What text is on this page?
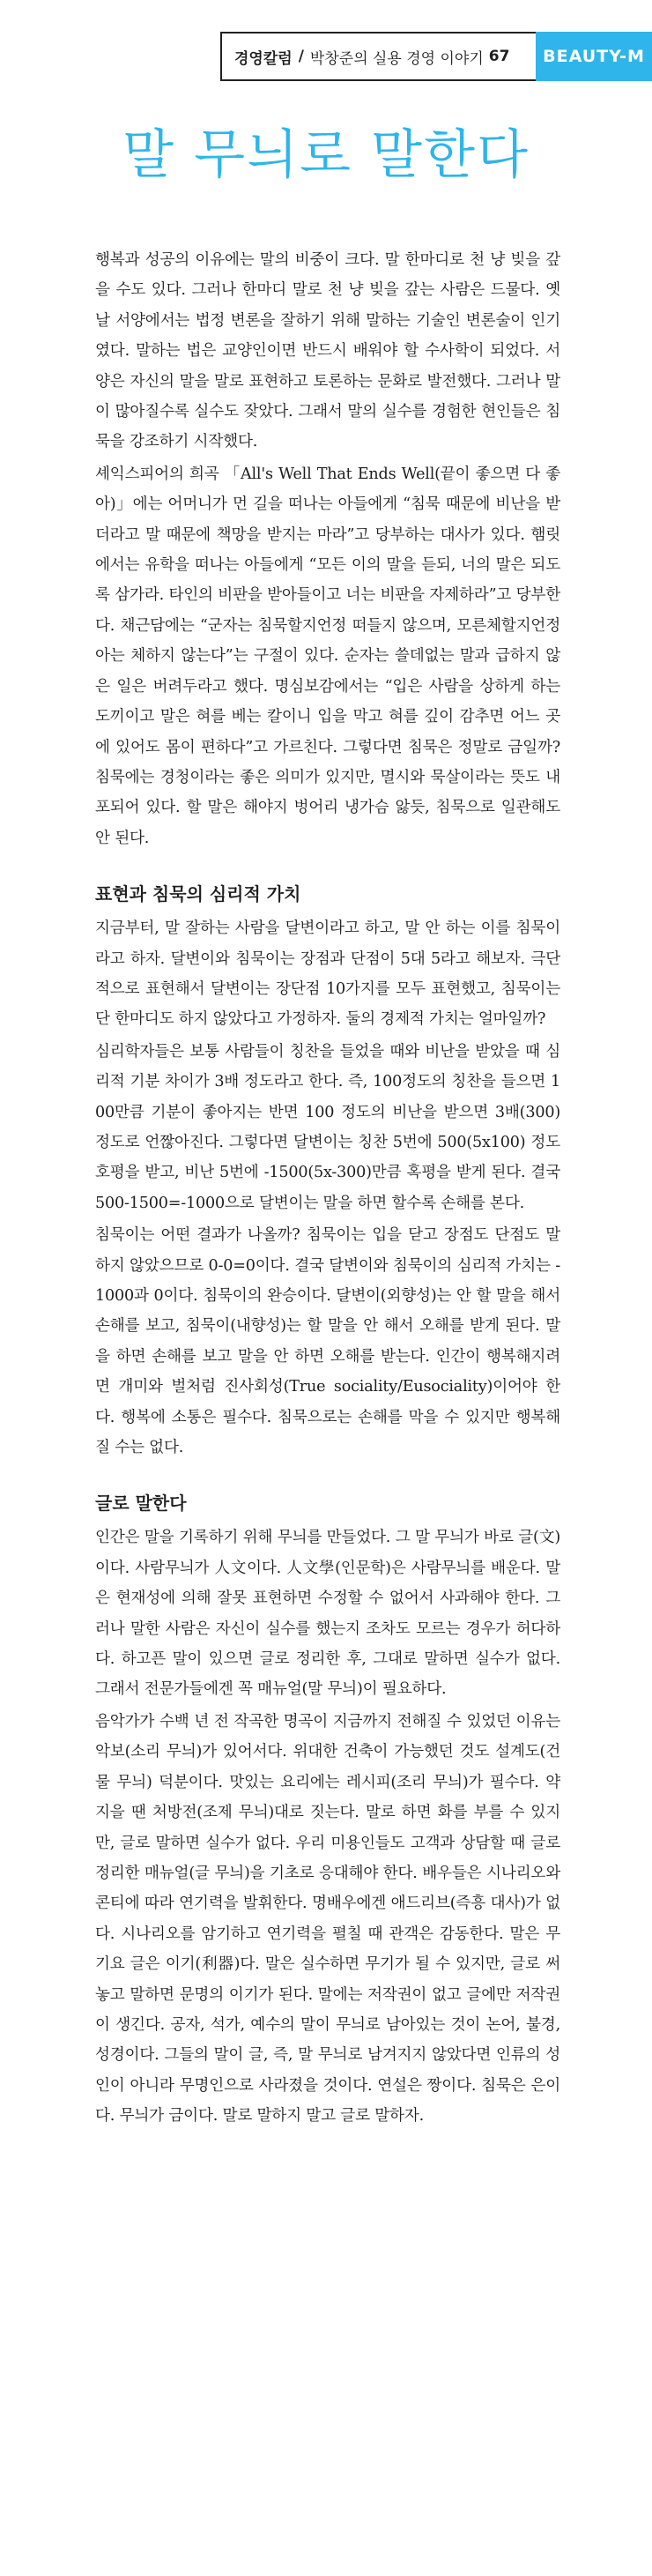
경영칼럼 / 박창준의 실용 경영 이야기 67	BEAUTY-M
말 무늬로 말한다

행복과 성공의 이유에는 말의 비중이 크다. 말 한마디로 천 냥 빚을 갚을 수도 있다. 그러나 한마디 말로 천 냥 빚을 갚는 사람은 드물다. 옛날 서양에서는 법정 변론을 잘하기 위해 말하는 기술인 변론술이 인기였다. 말하는 법은 교양인이면 반드시 배워야 할 수사학이 되었다. 서양은 자신의 말을 말로 표현하고 토론하는 문화로 발전했다. 그러나 말이 많아질수록 실수도 잦았다. 그래서 말의 실수를 경험한 현인들은 침묵을 강조하기 시작했다.

셰익스피어의 희곡 「All's Well That Ends Well(끝이 좋으면 다 좋아)」에는 어머니가 먼 길을 떠나는 아들에게 “침묵 때문에 비난을 받더라고 말 때문에 책망을 받지는 마라”고 당부하는 대사가 있다. 햄릿에서는 유학을 떠나는 아들에게 “모든 이의 말을 듣되, 너의 말은 되도록 삼가라. 타인의 비판을 받아들이고 너는 비판을 자제하라”고 당부한다. 채근담에는 “군자는 침묵할지언정 떠들지 않으며, 모른체할지언정 아는 체하지 않는다”는 구절이 있다. 순자는 쓸데없는 말과 급하지 않은 일은 버려두라고 했다. 명심보감에서는 “입은 사람을 상하게 하는 도끼이고 말은 혀를 베는 칼이니 입을 막고 혀를 깊이 감추면 어느 곳에 있어도 몸이 편하다”고 가르친다. 그렇다면 침묵은 정말로 금일까? 침묵에는 경청이라는 좋은 의미가 있지만, 멸시와 묵살이라는 뜻도 내포되어 있다. 할 말은 해야지 벙어리 냉가슴 앓듯, 침묵으로 일관해도 안 된다.

표현과 침묵의 심리적 가치

지금부터, 말 잘하는 사람을 달변이라고 하고, 말 안 하는 이를 침묵이라고 하자. 달변이와 침묵이는 장점과 단점이 5대 5라고 해보자. 극단적으로 표현해서 달변이는 장단점 10가지를 모두 표현했고, 침묵이는 단 한마디도 하지 않았다고 가정하자. 둘의 경제적 가치는 얼마일까?

심리학자들은 보통 사람들이 칭찬을 들었을 때와 비난을 받았을 때 심리적 기분 차이가 3배 정도라고 한다. 즉, 100정도의 칭찬을 들으면 100만큼 기분이 좋아지는 반면 100 정도의 비난을 받으면 3배(300) 정도로 언짢아진다. 그렇다면 달변이는 칭찬 5번에 500(5x100) 정도 호평을 받고, 비난 5번에 -1500(5x-300)만큼 혹평을 받게 된다. 결국 500-1500=-1000으로 달변이는 말을 하면 할수록 손해를 본다.

침묵이는 어떤 결과가 나올까? 침묵이는 입을 닫고 장점도 단점도 말하지 않았으므로 0-0=0이다. 결국 달변이와 침묵이의 심리적 가치는 -1000과 0이다. 침묵이의 완승이다. 달변이(외향성)는 안 할 말을 해서 손해를 보고, 침묵이(내향성)는 할 말을 안 해서 오해를 받게 된다. 말을 하면 손해를 보고 말을 안 하면 오해를 받는다. 인간이 행복해지려면 개미와 벌처럼 진사회성(True sociality/Eusociality)이어야 한다. 행복에 소통은 필수다. 침묵으로는 손해를 막을 수 있지만 행복해질 수는 없다.

글로 말한다

인간은 말을 기록하기 위해 무늬를 만들었다. 그 말 무늬가 바로 글(文)이다. 사람무늬가 人文이다. 人文學(인문학)은 사람무늬를 배운다. 말은 현재성에 의해 잘못 표현하면 수정할 수 없어서 사과해야 한다. 그러나 말한 사람은 자신이 실수를 했는지 조차도 모르는 경우가 허다하다. 하고픈 말이 있으면 글로 정리한 후, 그대로 말하면 실수가 없다. 그래서 전문가들에겐 꼭 매뉴얼(말 무늬)이 필요하다.

음악가가 수백 년 전 작곡한 명곡이 지금까지 전해질 수 있었던 이유는 악보(소리 무늬)가 있어서다. 위대한 건축이 가능했던 것도 설계도(건물 무늬) 덕분이다. 맛있는 요리에는 레시피(조리 무늬)가 필수다. 약 지을 땐 처방전(조제 무늬)대로 짓는다. 말로 하면 화를 부를 수 있지만, 글로 말하면 실수가 없다. 우리 미용인들도 고객과 상담할 때 글로 정리한 매뉴얼(글 무늬)을 기초로 응대해야 한다. 배우들은 시나리오와 콘티에 따라 연기력을 발휘한다. 명배우에겐 애드리브(즉흥 대사)가 없다. 시나리오를 암기하고 연기력을 펼칠 때 관객은 감동한다. 말은 무기요 글은 이기(利器)다. 말은 실수하면 무기가 될 수 있지만, 글로 써놓고 말하면 문명의 이기가 된다. 말에는 저작권이 없고 글에만 저작권이 생긴다. 공자, 석가, 예수의 말이 무늬로 남아있는 것이 논어, 불경, 성경이다. 그들의 말이 글, 즉, 말 무늬로 남겨지지 않았다면 인류의 성인이 아니라 무명인으로 사라졌을 것이다. 연설은 짱이다. 침묵은 은이다. 무늬가 금이다. 말로 말하지 말고 글로 말하자.
